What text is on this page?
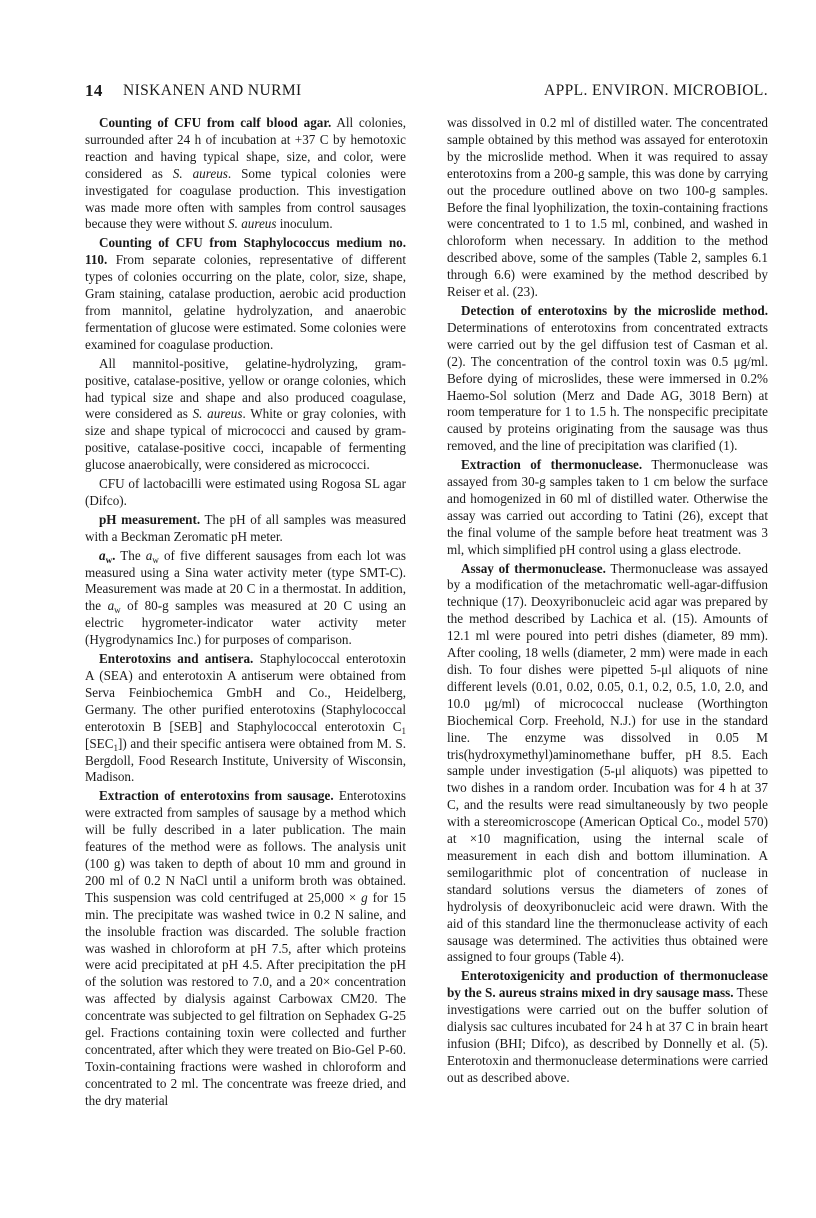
14 NISKANEN AND NURMI	APPL. ENVIRON. MICROBIOL.

Counting of CFU from calf blood agar. All colonies, surrounded after 24 h of incubation at +37 C by hemotoxic reaction and having typical shape, size, and color, were considered as S. aureus. Some typical colonies were investigated for coagulase production. This investigation was made more often with samples from control sausages because they were without S. aureus inoculum.

Counting of CFU from Staphylococcus medium no. 110. From separate colonies, representative of different types of colonies occurring on the plate, color, size, shape, Gram staining, catalase production, aerobic acid production from mannitol, gelatine hydrolyzation, and anaerobic fermentation of glucose were estimated. Some colonies were examined for coagulase production.

All mannitol-positive, gelatine-hydrolyzing, gram-positive, catalase-positive, yellow or orange colonies, which had typical size and shape and also produced coagulase, were considered as S. aureus. White or gray colonies, with size and shape typical of micrococci and caused by gram-positive, catalase-positive cocci, incapable of fermenting glucose anaerobically, were considered as micrococci.

CFU of lactobacilli were estimated using Rogosa SL agar (Difco).

pH measurement. The pH of all samples was measured with a Beckman Zeromatic pH meter.

$a_w$. The $a_w$ of five different sausages from each lot was measured using a Sina water activity meter (type SMT-C). Measurement was made at 20 C in a thermostat. In addition, the $a_w$ of 80-g samples was measured at 20 C using an electric hygrometer-indicator water activity meter (Hygrodynamics Inc.) for purposes of comparison.

Enterotoxins and antisera. Staphylococcal enterotoxin A (SEA) and enterotoxin A antiserum were obtained from Serva Feinbiochemica GmbH and Co., Heidelberg, Germany. The other purified enterotoxins (Staphylococcal enterotoxin B [SEB] and Staphylococcal enterotoxin $C_1$ $[SEC_1]$) and their specific antisera were obtained from M. S. Bergdoll, Food Research Institute, University of Wisconsin, Madison.

Extraction of enterotoxins from sausage. Enterotoxins were extracted from samples of sausage by a method which will be fully described in a later publication. The main features of the method were as follows. The analysis unit (100 g) was taken to depth of about 10 mm and ground in 200 ml of 0.2 N NaCl until a uniform broth was obtained. This suspension was cold centrifuged at 25,000 × g for 15 min. The precipitate was washed twice in 0.2 N saline, and the insoluble fraction was discarded. The soluble fraction was washed in chloroform at pH 7.5, after which proteins were acid precipitated at pH 4.5. After precipitation the pH of the solution was restored to 7.0, and a 20× concentration was affected by dialysis against Carbowax CM20. The concentrate was subjected to gel filtration on Sephadex G-25 gel. Fractions containing toxin were collected and further concentrated, after which they were treated on Bio-Gel P-60. Toxin-containing fractions were washed in chloroform and concentrated to 2 ml. The concentrate was freeze dried, and the dry material

was dissolved in 0.2 ml of distilled water. The concentrated sample obtained by this method was assayed for enterotoxin by the microslide method. When it was required to assay enterotoxins from a 200-g sample, this was done by carrying out the procedure outlined above on two 100-g samples. Before the final lyophilization, the toxin-containing fractions were concentrated to 1 to 1.5 ml, conbined, and washed in chloroform when necessary. In addition to the method described above, some of the samples (Table 2, samples 6.1 through 6.6) were examined by the method described by Reiser et al. (23).

Detection of enterotoxins by the microslide method. Determinations of enterotoxins from concentrated extracts were carried out by the gel diffusion test of Casman et al. (2). The concentration of the control toxin was 0.5 μg/ml. Before dying of microslides, these were immersed in 0.2% Haemo-Sol solution (Merz and Dade AG, 3018 Bern) at room temperature for 1 to 1.5 h. The nonspecific precipitate caused by proteins originating from the sausage was thus removed, and the line of precipitation was clarified (1).

Extraction of thermonuclease. Thermonuclease was assayed from 30-g samples taken to 1 cm below the surface and homogenized in 60 ml of distilled water. Otherwise the assay was carried out according to Tatini (26), except that the final volume of the sample before heat treatment was 3 ml, which simplified pH control using a glass electrode.

Assay of thermonuclease. Thermonuclease was assayed by a modification of the metachromatic well-agar-diffusion technique (17). Deoxyribonucleic acid agar was prepared by the method described by Lachica et al. (15). Amounts of 12.1 ml were poured into petri dishes (diameter, 89 mm). After cooling, 18 wells (diameter, 2 mm) were made in each dish. To four dishes were pipetted 5-μl aliquots of nine different levels (0.01, 0.02, 0.05, 0.1, 0.2, 0.5, 1.0, 2.0, and 10.0 μg/ml) of micrococcal nuclease (Worthington Biochemical Corp. Freehold, N.J.) for use in the standard line. The enzyme was dissolved in 0.05 M tris(hydroxymethyl)aminomethane buffer, pH 8.5. Each sample under investigation (5-μl aliquots) was pipetted to two dishes in a random order. Incubation was for 4 h at 37 C, and the results were read simultaneously by two people with a stereomicroscope (American Optical Co., model 570) at ×10 magnification, using the internal scale of measurement in each dish and bottom illumination. A semilogarithmic plot of concentration of nuclease in standard solutions versus the diameters of zones of hydrolysis of deoxyribonucleic acid were drawn. With the aid of this standard line the thermonuclease activity of each sausage was determined. The activities thus obtained were assigned to four groups (Table 4).

Enterotoxigenicity and production of thermonuclease by the S. aureus strains mixed in dry sausage mass. These investigations were carried out on the buffer solution of dialysis sac cultures incubated for 24 h at 37 C in brain heart infusion (BHI; Difco), as described by Donnelly et al. (5). Enterotoxin and thermonuclease determinations were carried out as described above.
